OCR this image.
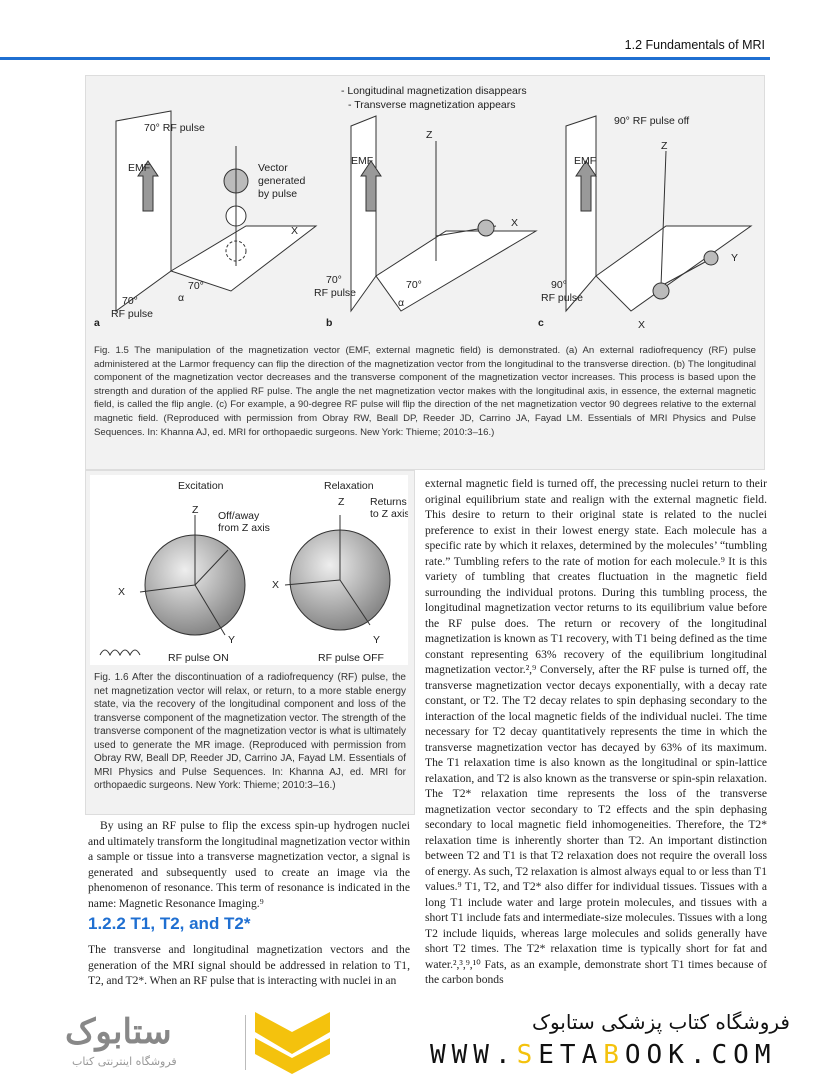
1.2 Fundamentals of MRI
- Longitudinal magnetization disappears
- Transverse magnetization appears
70° RF pulse
EMF	Vector
generated
by pulse
X
70°
70°	α
RF pulse
a
EMF
Z
X
70°
α
70°
RF pulse
b
90° RF pulse off
EMF
Z
Y
X
90°
RF pulse
c
Fig. 1.5 The manipulation of the magnetization vector (EMF, external magnetic field) is demonstrated. (a) An external radiofrequency (RF) pulse administered at the Larmor frequency can flip the direction of the magnetization vector from the longitudinal to the transverse direction. (b) The longitudinal component of the magnetization vector decreases and the transverse component of the magnetization vector increases. This process is based upon the strength and duration of the applied RF pulse. The angle the net magnetization vector makes with the longitudinal axis, in essence, the external magnetic field, is called the flip angle. (c) For example, a 90-degree RF pulse will flip the direction of the net magnetization vector 90 degrees relative to the external magnetic field. (Reproduced with permission from Obray RW, Beall DP, Reeder JD, Carrino JA, Fayad LM. Essentials of MRI Physics and Pulse Sequences. In: Khanna AJ, ed. MRI for orthopaedic surgeons. New York: Thieme; 2010:3–16.)
Excitation	Relaxation
Off/away
from Z axis
Returns
to Z axis
Z
X
Y
Z
X
Y
RF pulse ON	RF pulse OFF
Fig. 1.6 After the discontinuation of a radiofrequency (RF) pulse, the net magnetization vector will relax, or return, to a more stable energy state, via the recovery of the longitudinal component and loss of the transverse component of the magnetization vector. The strength of the transverse component of the magnetization vector is what is ultimately used to generate the MR image. (Reproduced with permission from Obray RW, Beall DP, Reeder JD, Carrino JA, Fayad LM. Essentials of MRI Physics and Pulse Sequences. In: Khanna AJ, ed. MRI for orthopaedic surgeons. New York: Thieme; 2010:3–16.)

By using an RF pulse to flip the excess spin-up hydrogen nuclei and ultimately transform the longitudinal magnetization vector within a sample or tissue into a transverse magnetization vector, a signal is generated and subsequently used to create an image via the phenomenon of resonance. This term of resonance is indicated in the name: Magnetic Resonance Imaging.⁹

1.2.2 T1, T2, and T2*
The transverse and longitudinal magnetization vectors and the generation of the MRI signal should be addressed in relation to T1, T2, and T2*. When an RF pulse that is interacting with nuclei in an
external magnetic field is turned off, the precessing nuclei return to their original equilibrium state and realign with the external magnetic field. This desire to return to their original state is related to the nuclei preference to exist in their lowest energy state. Each molecule has a specific rate by which it relaxes, determined by the molecules’ “tumbling rate.” Tumbling refers to the rate of motion for each molecule.⁹ It is this variety of tumbling that creates fluctuation in the magnetic field surrounding the individual protons. During this tumbling process, the longitudinal magnetization vector returns to its equilibrium value before the RF pulse does. The return or recovery of the longitudinal magnetization is known as T1 recovery, with T1 being defined as the time constant representing 63% recovery of the equilibrium longitudinal magnetization vector.²,⁹ Conversely, after the RF pulse is turned off, the transverse magnetization vector decays exponentially, with a decay rate constant, or T2. The T2 decay relates to spin dephasing secondary to the interaction of the local magnetic fields of the individual nuclei. The time necessary for T2 decay quantitatively represents the time in which the transverse magnetization vector has decayed by 63% of its maximum. The T1 relaxation time is also known as the longitudinal or spin-lattice relaxation, and T2 is also known as the transverse or spin-spin relaxation. The T2* relaxation time represents the loss of the transverse magnetization vector secondary to T2 effects and the spin dephasing secondary to local magnetic field inhomogeneities. Therefore, the T2* relaxation time is inherently shorter than T2. An important distinction between T2 and T1 is that T2 relaxation does not require the overall loss of energy. As such, T2 relaxation is almost always equal to or less than T1 values.⁹ T1, T2, and T2* also differ for individual tissues. Tissues with a long T1 include water and large protein molecules, and tissues with a short T1 include fats and intermediate-size molecules. Tissues with a long T2 include liquids, whereas large molecules and solids generally have short T2 times. The T2* relaxation time is typically short for fat and water.²,³,⁹,¹⁰ Fats, as an example, demonstrate short T1 times because of the carbon bonds
ستابوک
فروشگاه اینترنتی کتاب
فروشگاه کتاب پزشکی ستابوک
WWW.SETABOOK.COM
